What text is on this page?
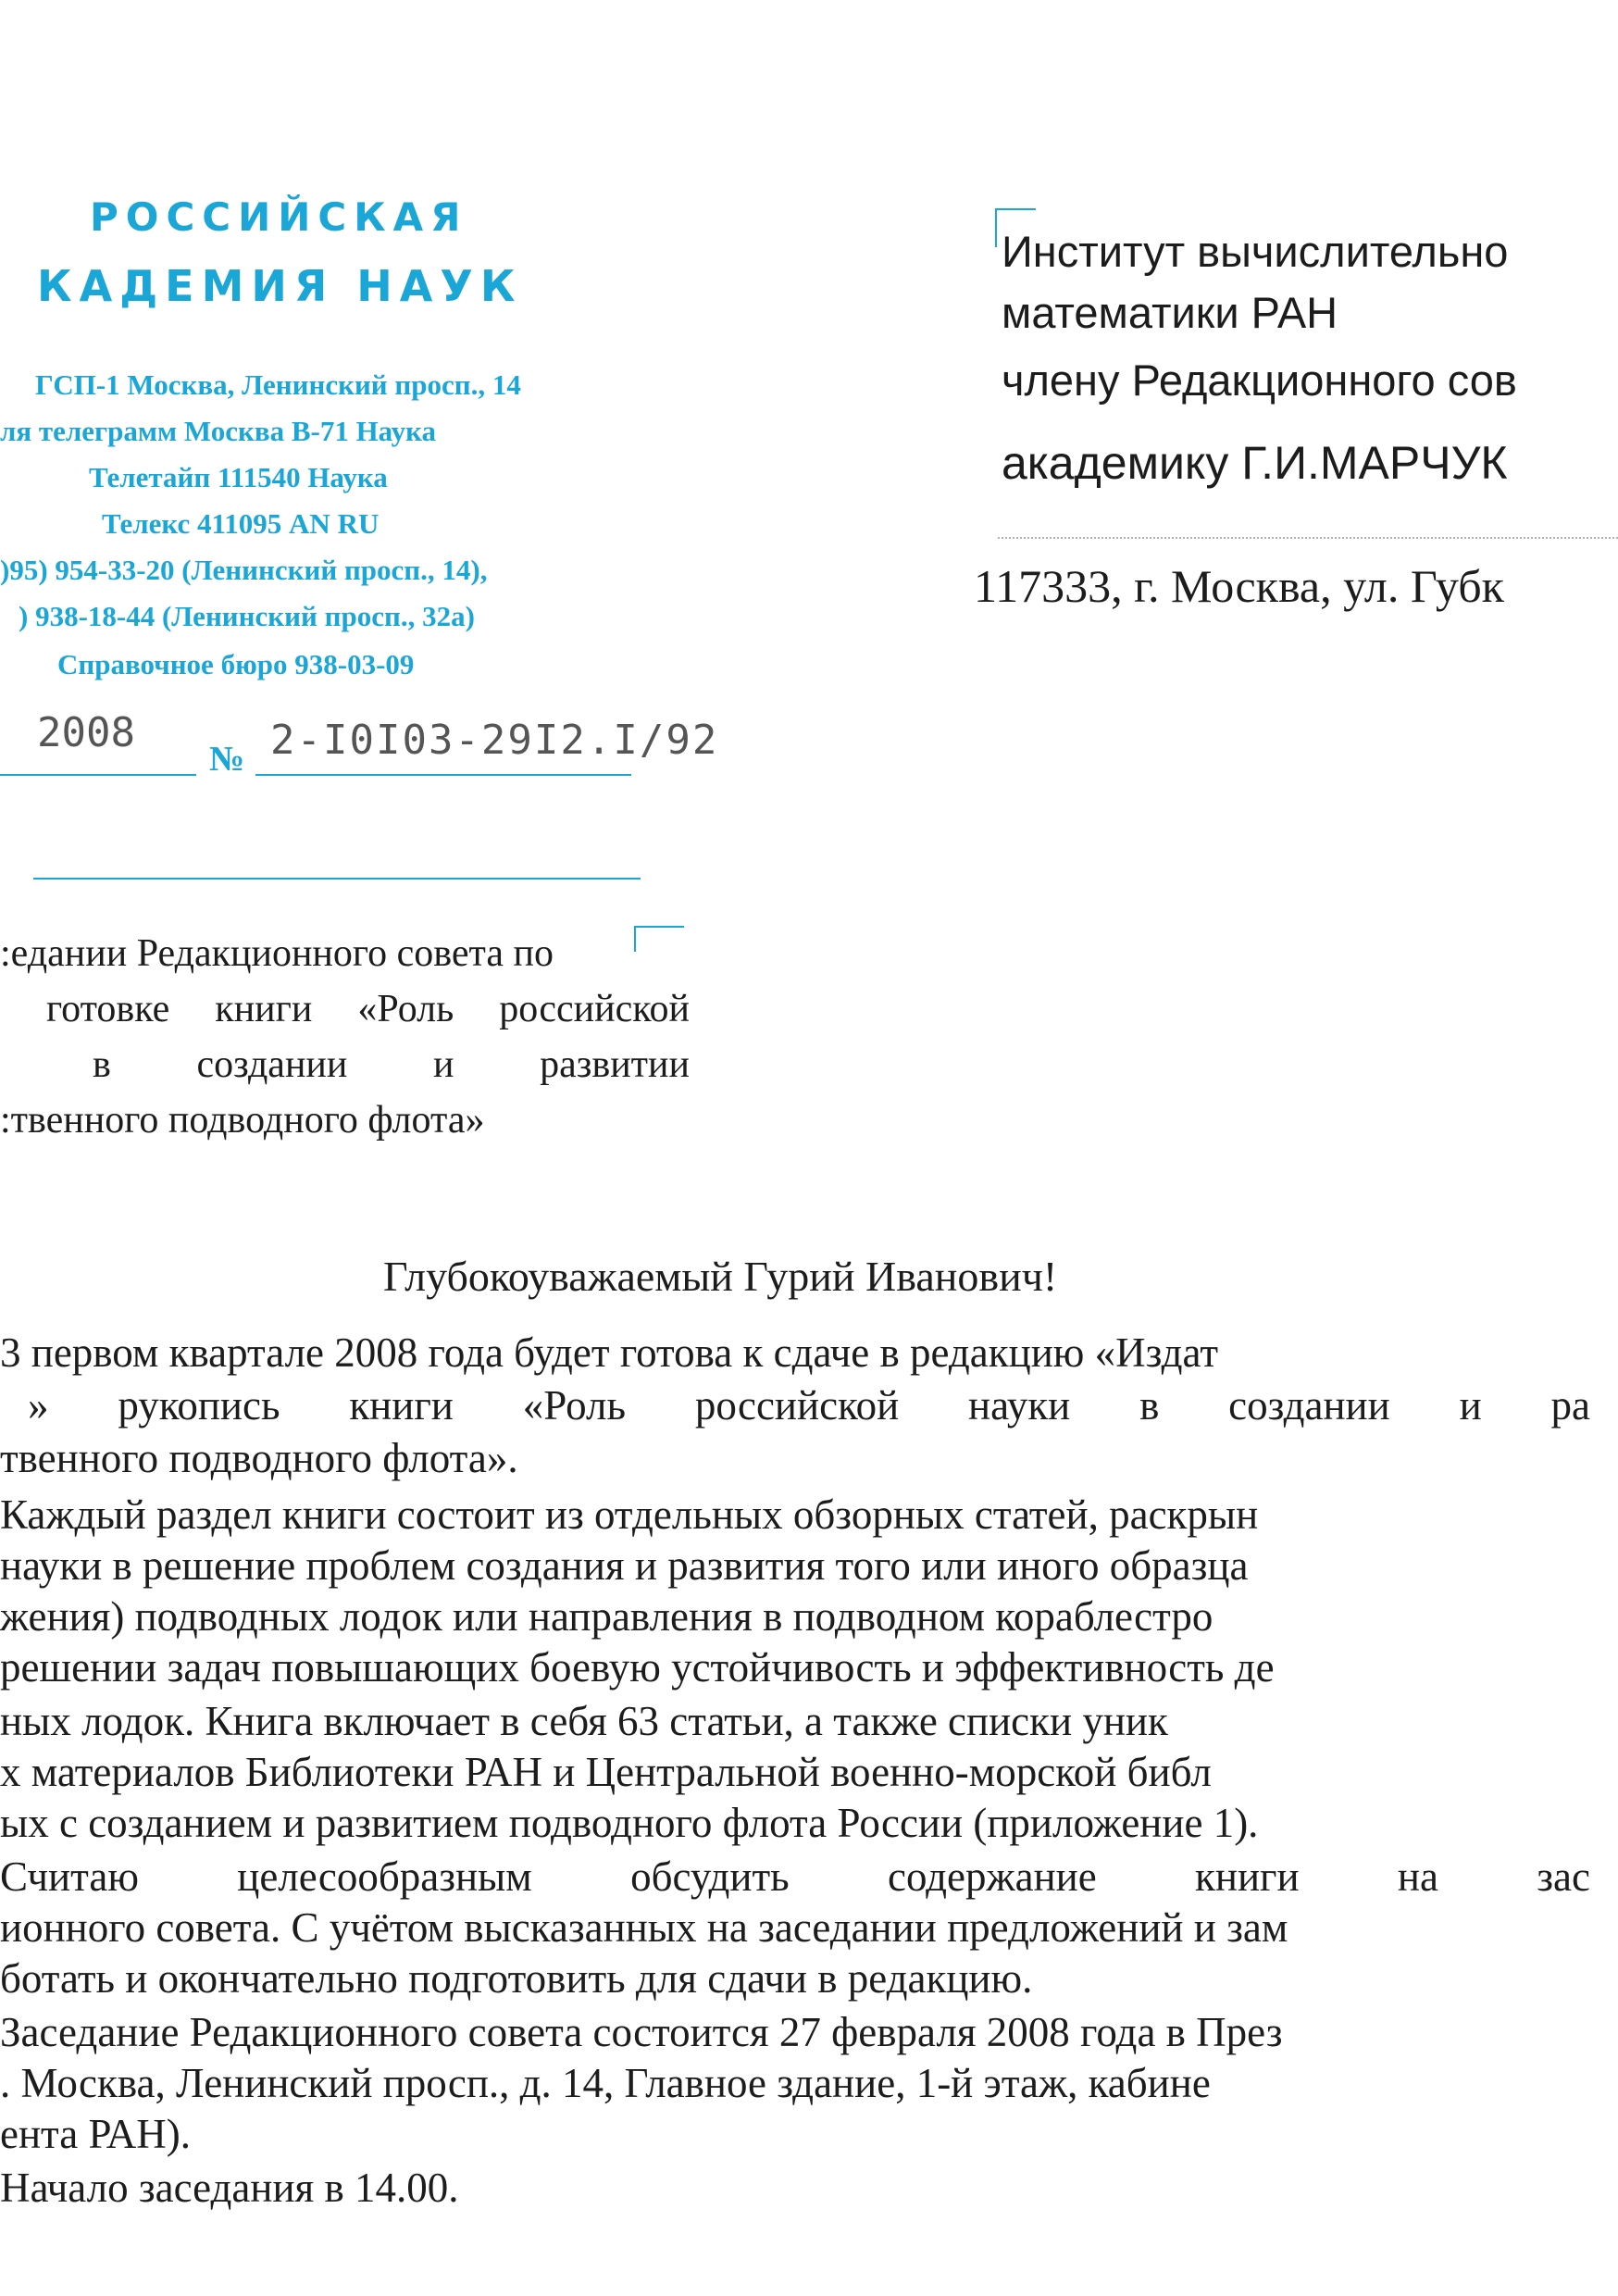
РОССИЙСКАЯ
КАДЕМИЯ НАУК
ГСП-1 Москва, Ленинский просп., 14
ля телеграмм Москва В-71 Наука
Телетайп 111540 Наука
Телекс 411095 AN RU
)95) 954-33-20 (Ленинский просп., 14),
) 938-18-44 (Ленинский просп., 32а)
Справочное бюро 938-03-09
2008
№ 2-I0I03-29I2.I/92
Институт вычислительно
математики РАН
члену Редакционного сов
академику Г.И.МАРЧУК
117333, г. Москва, ул. Губк
:едании Редакционного совета по
готовке книги «Роль российской
в создании и развитии
:твенного подводного флота»
Глубокоуважаемый Гурий Иванович!
3 первом квартале 2008 года будет готова к сдаче в редакцию «Издат
» рукопись книги «Роль российской науки в создании и ра
твенного подводного флота».
Каждый раздел книги состоит из отдельных обзорных статей, раскрын
науки в решение проблем создания и развития того или иного образца
жения) подводных лодок или направления в подводном кораблестро
решении задач повышающих боевую устойчивость и эффективность де
ных лодок. Книга включает в себя 63 статьи, а также списки уник
х материалов Библиотеки РАН и Центральной военно-морской библ
ых с созданием и развитием подводного флота России (приложение 1).
Считаю целесообразным обсудить содержание книги на зас
ионного совета. С учётом высказанных на заседании предложений и зам
ботать и окончательно подготовить для сдачи в редакцию.
Заседание Редакционного совета состоится 27 февраля 2008 года в През
. Москва, Ленинский просп., д. 14, Главное здание, 1-й этаж, кабине
ента РАН).
Начало заседания в 14.00.
